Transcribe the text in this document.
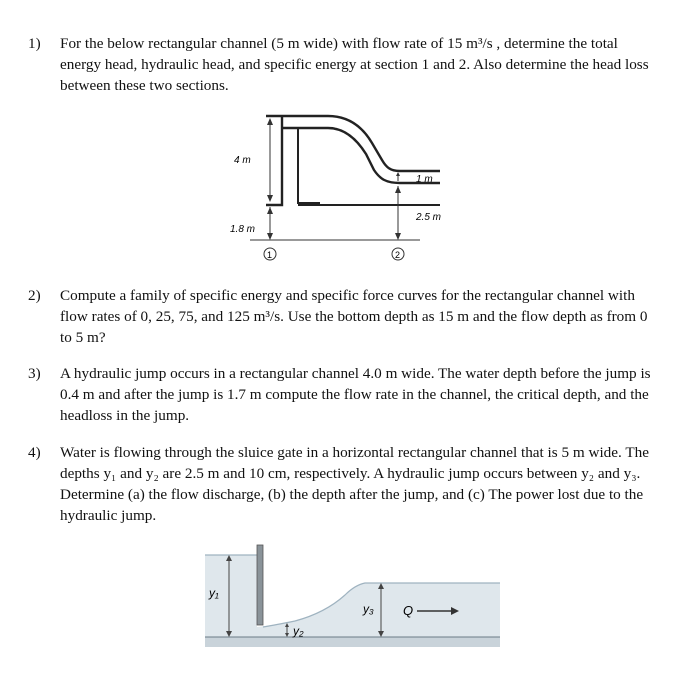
1) For the below rectangular channel (5 m wide) with flow rate of 15 m³/s , determine the total energy head, hydraulic head, and specific energy at section 1 and 2. Also determine the head loss between these two sections.
4 m
1 m
2.5 m
1.8 m
1	2
2) Compute a family of specific energy and specific force curves for the rectangular channel with flow rates of 0, 25, 75, and 125 m³/s. Use the bottom depth as 15 m and the flow depth as from 0 to 5 m?
3) A hydraulic jump occurs in a rectangular channel 4.0 m wide. The water depth before the jump is 0.4 m and after the jump is 1.7 m compute the flow rate in the channel, the critical depth, and the headloss in the jump.
4) Water is flowing through the sluice gate in a horizontal rectangular channel that is 5 m wide. The depths y₁ and y₂ are 2.5 m and 10 cm, respectively. A hydraulic jump occurs between y₂ and y₃. Determine (a) the flow discharge, (b) the depth after the jump, and (c) The power lost due to the hydraulic jump.
y₁
y₂
y₃ Q
